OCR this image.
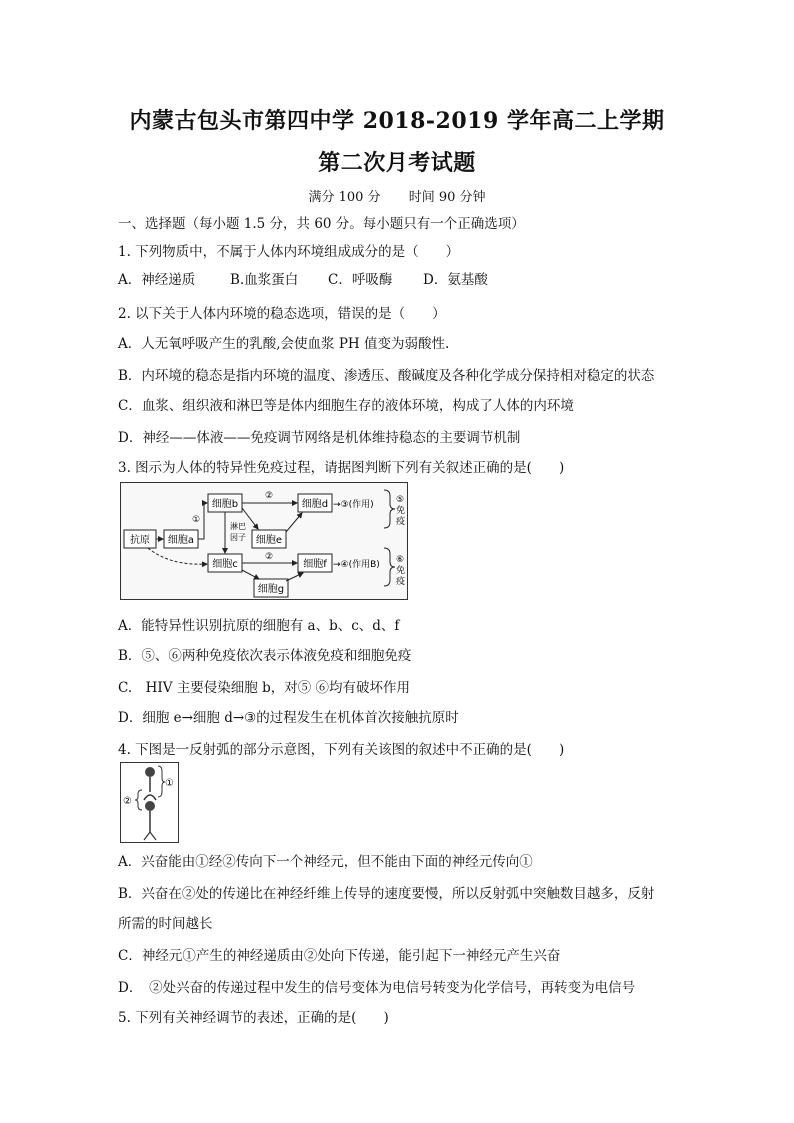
内蒙古包头市第四中学 2018-2019 学年高二上学期
第二次月考试题
满分 100 分 时间 90 分钟
一、选择题（每小题 1.5 分，共 60 分。每小题只有一个正确选项）
1. 下列物质中，不属于人体内环境组成成分的是（　　）
A．神经递质	B.血浆蛋白 C．呼吸酶 D．氨基酸
2. 以下关于人体内环境的稳态选项，错误的是（　　）
A．人无氧呼吸产生的乳酸,会使血浆 PH 值变为弱酸性.
B．内环境的稳态是指内环境的温度、渗透压、酸碱度及各种化学成分保持相对稳定的状态
C．血浆、组织液和淋巴等是体内细胞生存的液体环境，构成了人体的内环境
D．神经——体液——免疫调节网络是机体维持稳态的主要调节机制
3. 图示为人体的特异性免疫过程，请据图判断下列有关叙述正确的是(　　)
抗原 细胞a
细胞b
细胞e
细胞d
细胞c	细胞f
细胞g
①
②
淋巴
因子
②
→③(作用)
→④(作用B)
⑤
免
疫
⑥
免
疫
A．能特异性识别抗原的细胞有 a、b、c、d、f
B．⑤、⑥两种免疫依次表示体液免疫和细胞免疫
C.　HIV 主要侵染细胞 b，对⑤ ⑥均有破坏作用
D．细胞 e→细胞 d→③的过程发生在机体首次接触抗原时
4. 下图是一反射弧的部分示意图，下列有关该图的叙述中不正确的是(　　)
①
②
A．兴奋能由①经②传向下一个神经元，但不能由下面的神经元传向①
B．兴奋在②处的传递比在神经纤维上传导的速度要慢，所以反射弧中突触数目越多，反射
所需的时间越长
C．神经元①产生的神经递质由②处向下传递，能引起下一神经元产生兴奋
D．　②处兴奋的传递过程中发生的信号变体为电信号转变为化学信号，再转变为电信号
5. 下列有关神经调节的表述，正确的是(　　)
